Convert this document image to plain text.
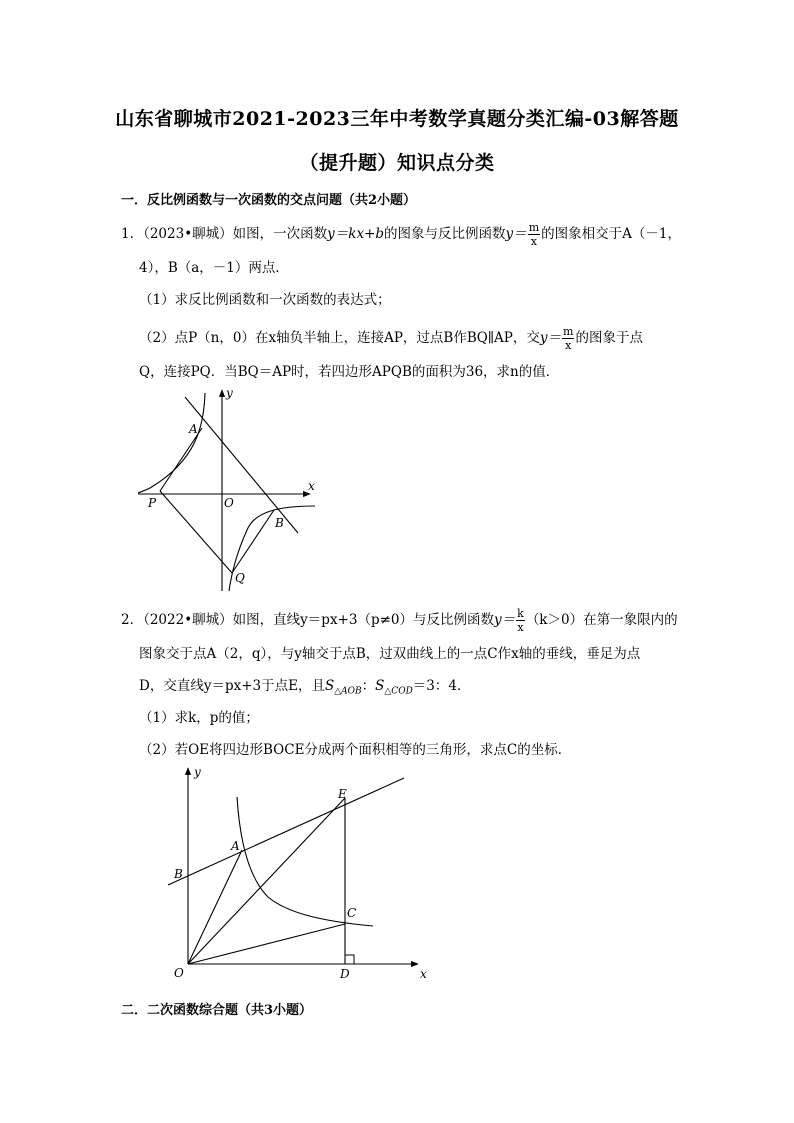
山东省聊城市2021-2023三年中考数学真题分类汇编-03解答题
（提升题）知识点分类
一．反比例函数与一次函数的交点问题（共2小题）
1．（2023•聊城）如图，一次函数y＝kx+b的图象与反比例函数$y= \frac{m}{x}$ 的图象相交于A（－1，
4），B（a，－1）两点．
（1）求反比例函数和一次函数的表达式；
（2）点P（n，0）在x轴负半轴上，连接AP，过点B作BQ∥AP，交$y= \frac{m}{x}$ 的图象于点
Q，连接PQ．当BQ＝AP时，若四边形APQB的面积为36，求n的值．
y
x
A
O
P
B
Q
2．（2022•聊城）如图，直线y＝px+3（p≠0）与反比例函数$y= \frac{k}{x} (k>0)$在第一象限内的
图象交于点A（2，q），与y轴交于点B，过双曲线上的一点C作x轴的垂线，垂足为点
D，交直线y＝px+3于点E，且$S_{\triangle AOB}$：$S_{\triangle COD}=3$：4．
（1）求k，p的值；
（2）若OE将四边形BOCE分成两个面积相等的三角形，求点C的坐标．
y
x
E
A
B
C
O	D
二．二次函数综合题（共3小题）
